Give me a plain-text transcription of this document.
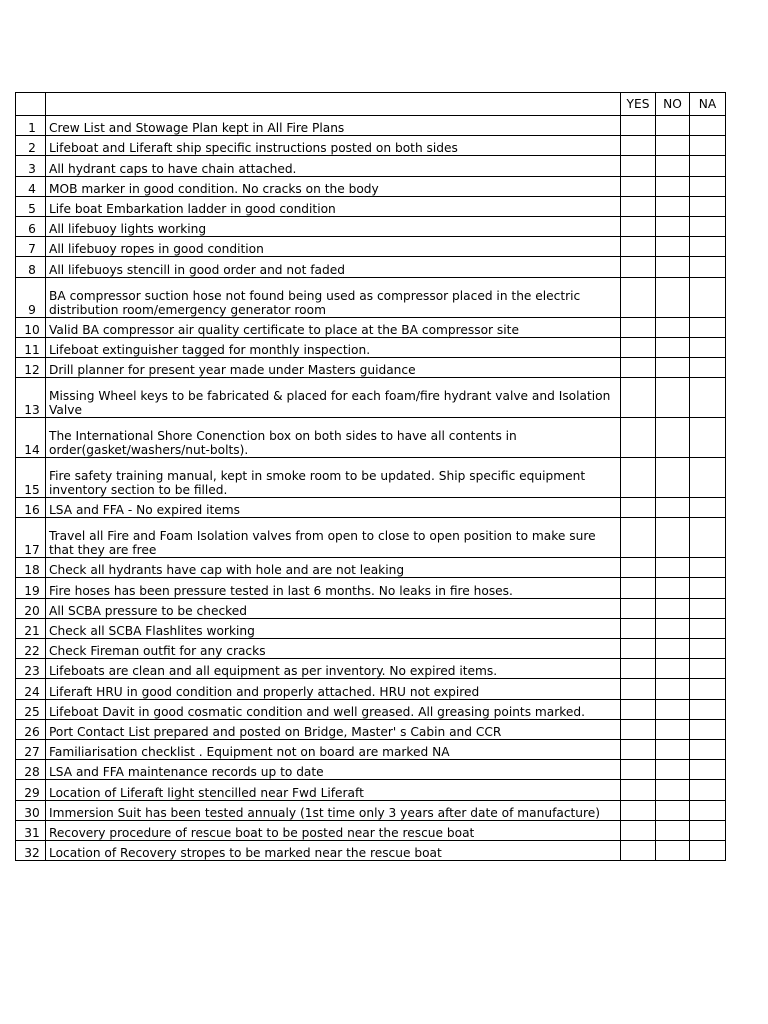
		YES	NO	NA
1	Crew List and Stowage Plan kept in All Fire Plans			
2	Lifeboat and Liferaft ship specific instructions posted on both sides			
3	All hydrant caps to have chain attached.			
4	MOB marker in good condition. No cracks on the body			
5	Life boat Embarkation ladder in good condition			
6	All lifebuoy lights working			
7	All lifebuoy ropes in good condition			
8	All lifebuoys stencill in good order and not faded			
9	BA compressor suction hose not found being used as compressor placed in the electric distribution room/emergency generator room			
10	Valid BA compressor air quality certificate to place at the BA compressor site			
11	Lifeboat extinguisher tagged for monthly inspection.			
12	Drill planner for present year made under Masters guidance			
13	Missing Wheel keys to be fabricated & placed for each foam/fire hydrant valve and Isolation Valve			
14	The International Shore Conenction box on both sides to have all contents in order(gasket/washers/nut-bolts).			
15	Fire safety training manual, kept in smoke room to be updated. Ship specific equipment inventory section to be filled.			
16	LSA and FFA - No expired items			
17	Travel all Fire and Foam Isolation valves from open to close to open position to make sure that they are free			
18	Check all hydrants have cap with hole and are not leaking			
19	Fire hoses has been pressure tested in last 6 months. No leaks in fire hoses.			
20	All SCBA pressure to be checked			
21	Check all SCBA Flashlites working			
22	Check Fireman outfit for any cracks			
23	Lifeboats are clean and all equipment as per inventory. No expired items.			
24	Liferaft HRU in good condition and properly attached. HRU not expired			
25	Lifeboat Davit in good cosmatic condition and well greased. All greasing points marked.			
26	Port Contact List prepared and posted on Bridge, Master' s Cabin and CCR			
27	Familiarisation checklist . Equipment not on board are marked NA			
28	LSA and FFA maintenance records up to date			
29	Location of Liferaft light stencilled near Fwd Liferaft			
30	Immersion Suit has been tested annualy (1st time only 3 years after date of manufacture)			
31	Recovery procedure of rescue boat to be posted near the rescue boat			
32	Location of Recovery stropes to be marked near the rescue boat			
